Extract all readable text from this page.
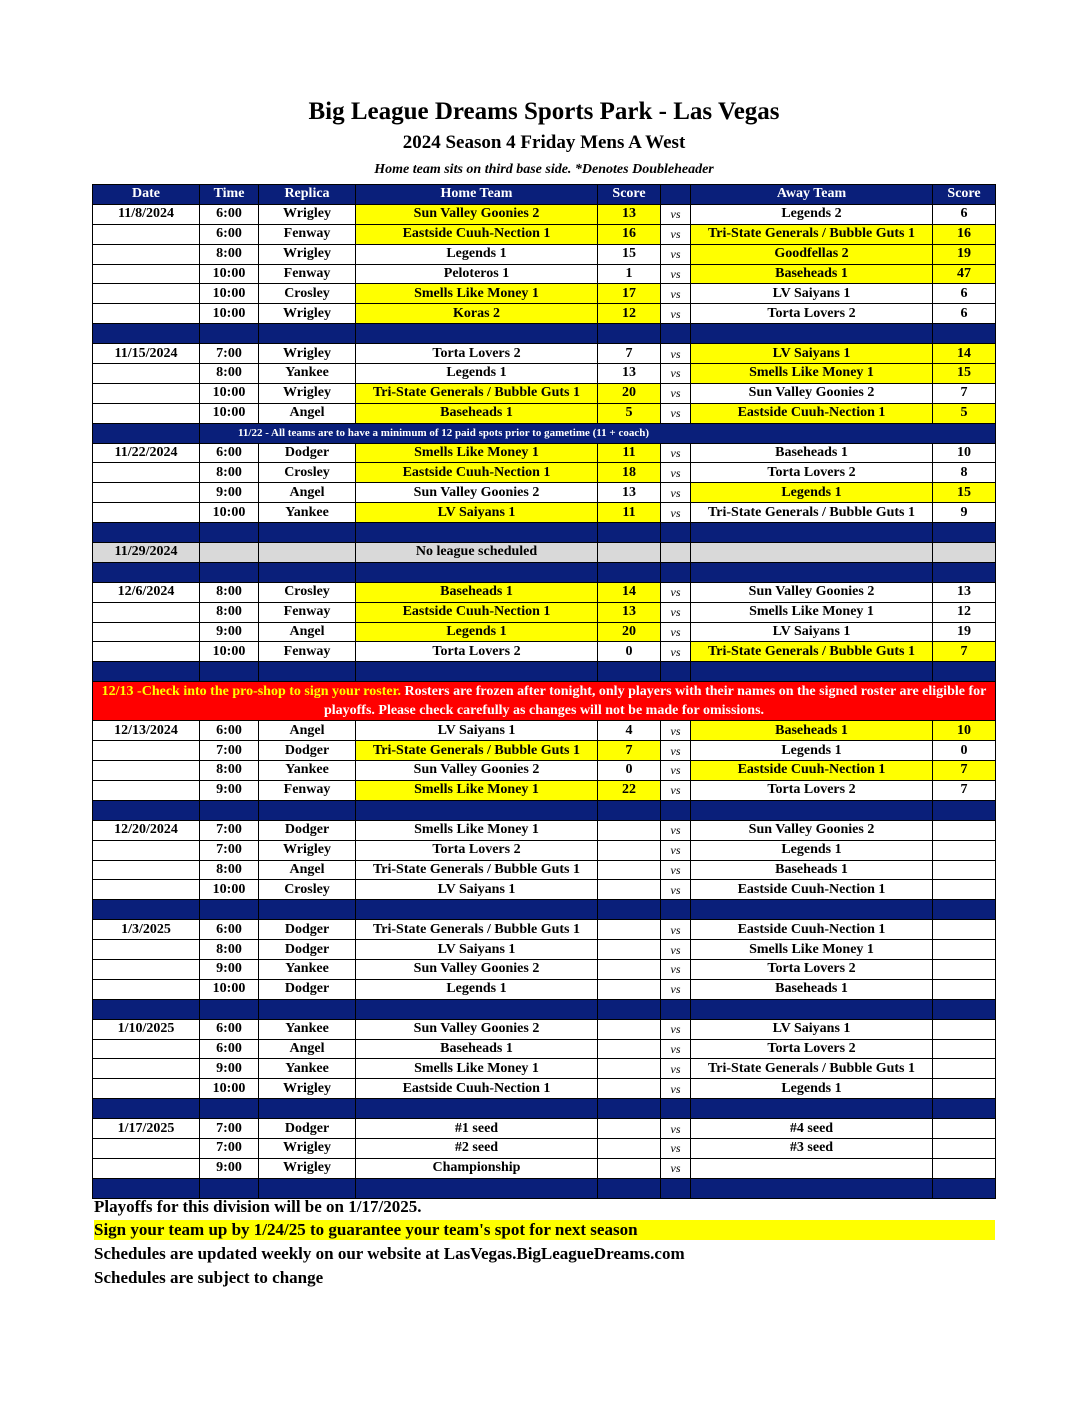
Big League Dreams Sports Park - Las Vegas
2024 Season 4 Friday Mens A West
Home team sits on third base side. *Denotes Doubleheader
Date	Time	Replica	Home Team	Score		Away Team	Score
11/8/2024	6:00	Wrigley	Sun Valley Goonies 2	13	vs	Legends 2	6
	6:00	Fenway	Eastside Cuuh-Nection 1	16	vs	Tri-State Generals / Bubble Guts 1	16
	8:00	Wrigley	Legends 1	15	vs	Goodfellas 2	19
	10:00	Fenway	Peloteros 1	1	vs	Baseheads 1	47
	10:00	Crosley	Smells Like Money 1	17	vs	LV Saiyans 1	6
	10:00	Wrigley	Koras 2	12	vs	Torta Lovers 2	6

11/15/2024	7:00	Wrigley	Torta Lovers 2	7	vs	LV Saiyans 1	14
	8:00	Yankee	Legends 1	13	vs	Smells Like Money 1	15
	10:00	Wrigley	Tri-State Generals / Bubble Guts 1	20	vs	Sun Valley Goonies 2	7
	10:00	Angel	Baseheads 1	5	vs	Eastside Cuuh-Nection 1	5
	11/22 - All teams are to have a minimum of 12 paid spots prior to gametime (11 + coach)						
11/22/2024	6:00	Dodger	Smells Like Money 1	11	vs	Baseheads 1	10
	8:00	Crosley	Eastside Cuuh-Nection 1	18	vs	Torta Lovers 2	8
	9:00	Angel	Sun Valley Goonies 2	13	vs	Legends 1	15
	10:00	Yankee	LV Saiyans 1	11	vs	Tri-State Generals / Bubble Guts 1	9

11/29/2024			No league scheduled				

12/6/2024	8:00	Crosley	Baseheads 1	14	vs	Sun Valley Goonies 2	13
	8:00	Fenway	Eastside Cuuh-Nection 1	13	vs	Smells Like Money 1	12
	9:00	Angel	Legends 1	20	vs	LV Saiyans 1	19
	10:00	Fenway	Torta Lovers 2	0	vs	Tri-State Generals / Bubble Guts 1	7

12/13 -Check into the pro-shop to sign your roster. Rosters are frozen after tonight, only players with their names on the signed roster are eligible for playoffs. Please check carefully as changes will not be made for omissions.							
12/13/2024	6:00	Angel	LV Saiyans 1	4	vs	Baseheads 1	10
	7:00	Dodger	Tri-State Generals / Bubble Guts 1	7	vs	Legends 1	0
	8:00	Yankee	Sun Valley Goonies 2	0	vs	Eastside Cuuh-Nection 1	7
	9:00	Fenway	Smells Like Money 1	22	vs	Torta Lovers 2	7

12/20/2024	7:00	Dodger	Smells Like Money 1		vs	Sun Valley Goonies 2	
	7:00	Wrigley	Torta Lovers 2		vs	Legends 1	
	8:00	Angel	Tri-State Generals / Bubble Guts 1		vs	Baseheads 1	
	10:00	Crosley	LV Saiyans 1		vs	Eastside Cuuh-Nection 1	

1/3/2025	6:00	Dodger	Tri-State Generals / Bubble Guts 1		vs	Eastside Cuuh-Nection 1	
	8:00	Dodger	LV Saiyans 1		vs	Smells Like Money 1	
	9:00	Yankee	Sun Valley Goonies 2		vs	Torta Lovers 2	
	10:00	Dodger	Legends 1		vs	Baseheads 1	

1/10/2025	6:00	Yankee	Sun Valley Goonies 2		vs	LV Saiyans 1	
	6:00	Angel	Baseheads 1		vs	Torta Lovers 2	
	9:00	Yankee	Smells Like Money 1		vs	Tri-State Generals / Bubble Guts 1	
	10:00	Wrigley	Eastside Cuuh-Nection 1		vs	Legends 1	

1/17/2025	7:00	Dodger	#1 seed		vs	#4 seed	
	7:00	Wrigley	#2 seed		vs	#3 seed	
	9:00	Wrigley	Championship		vs		

Playoffs for this division will be on 1/17/2025.
Sign your team up by 1/24/25 to guarantee your team's spot for next season
Schedules are updated weekly on our website at LasVegas.BigLeagueDreams.com
Schedules are subject to change
